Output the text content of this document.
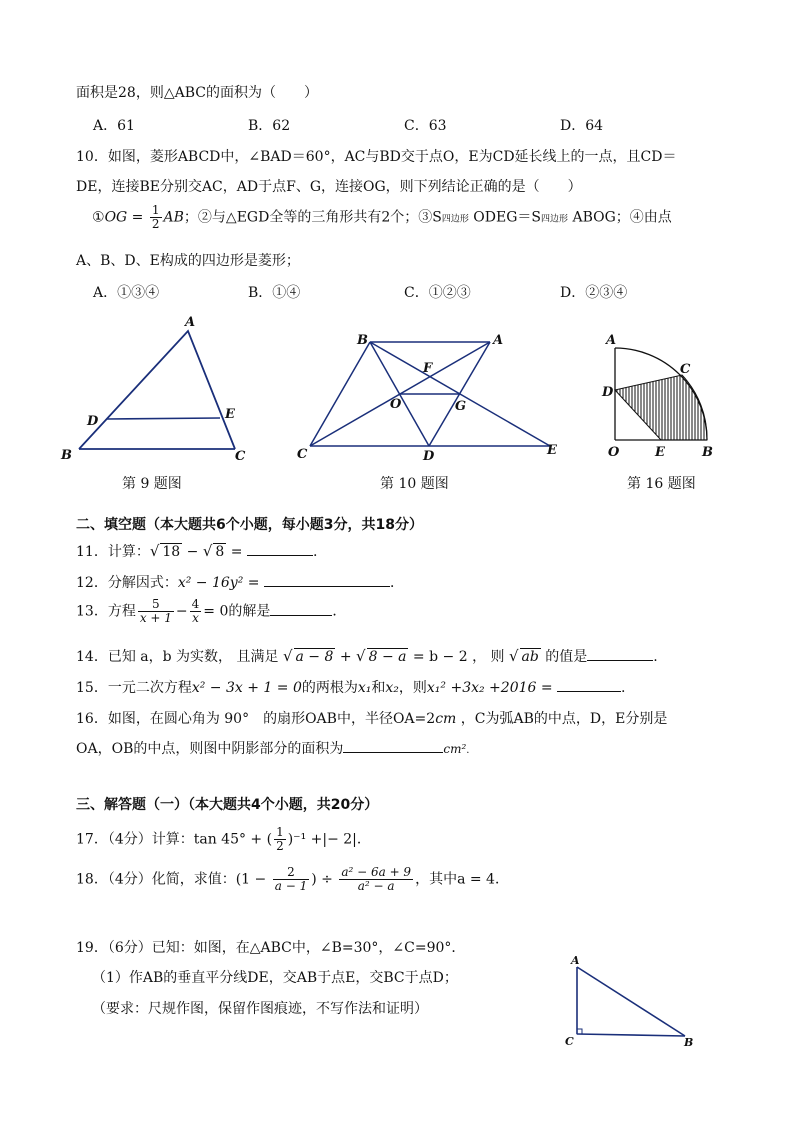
面积是28，则△ABC的面积为（　　）
A．61	B．62	C．63	D．64
10．如图，菱形ABCD中，∠BAD＝60°，AC与BD交于点O，E为CD延长线上的一点，且CD＝
DE，连接BE分别交AC，AD于点F、G，连接OG，则下列结论正确的是（　　）
①OG = $\frac{1}{2}$ AB；②与△EGD全等的三角形共有2个；③S四边形 ODEG＝S四边形 ABOG；④由点
A、B、D、E构成的四边形是菱形；
A．①③④	B．①④	C．①②③	D．②③④
A
D	E
B	C
第 9 题图
B	A
F
O	G
C	D	E
第 10 题图
A
C
D
O	E	B
第 16 题图
二、填空题（本大题共6个小题，每小题3分，共18分）
11．计算：√ 18 − √ 8 =	.
12．分解因式：x² − 16y² =	．
13．方程 $\frac{5}{x + 1} - \frac{4}{x} = 0$的解是	．
14．已知 a，b 为实数， 且满足 √ a − 8 + √ 8 − a = b − 2 ， 则 √ ab 的值是	.
15．一元二次方程x² − 3x + 1 = 0的两根为x₁和x₂，则x₁² +3x₂ +2016 =	.
16．如图，在圆心角为 90°　的扇形OAB中，半径OA=2cm ，C为弧AB的中点，D，E分别是
OA，OB的中点，则图中阴影部分的面积为	cm².
三、解答题（一）（本大题共4个小题，共20分）
17．（4分）计算：tan 45° + ( $\frac{1}{2} )^{-1}$ +|− 2|．
18．（4分）化简，求值：($1 - \frac{2}{a - 1}$ ) ÷ $\frac{\text{a² − 6a + 9}}{\text{a² − a}}$ ，其中a = 4．
19．（6分）已知：如图，在△ABC中，∠B=30°，∠C=90°．
（1）作AB的垂直平分线DE，交AB于点E，交BC于点D；
（要求：尺规作图，保留作图痕迹，不写作法和证明）
A
C	B
